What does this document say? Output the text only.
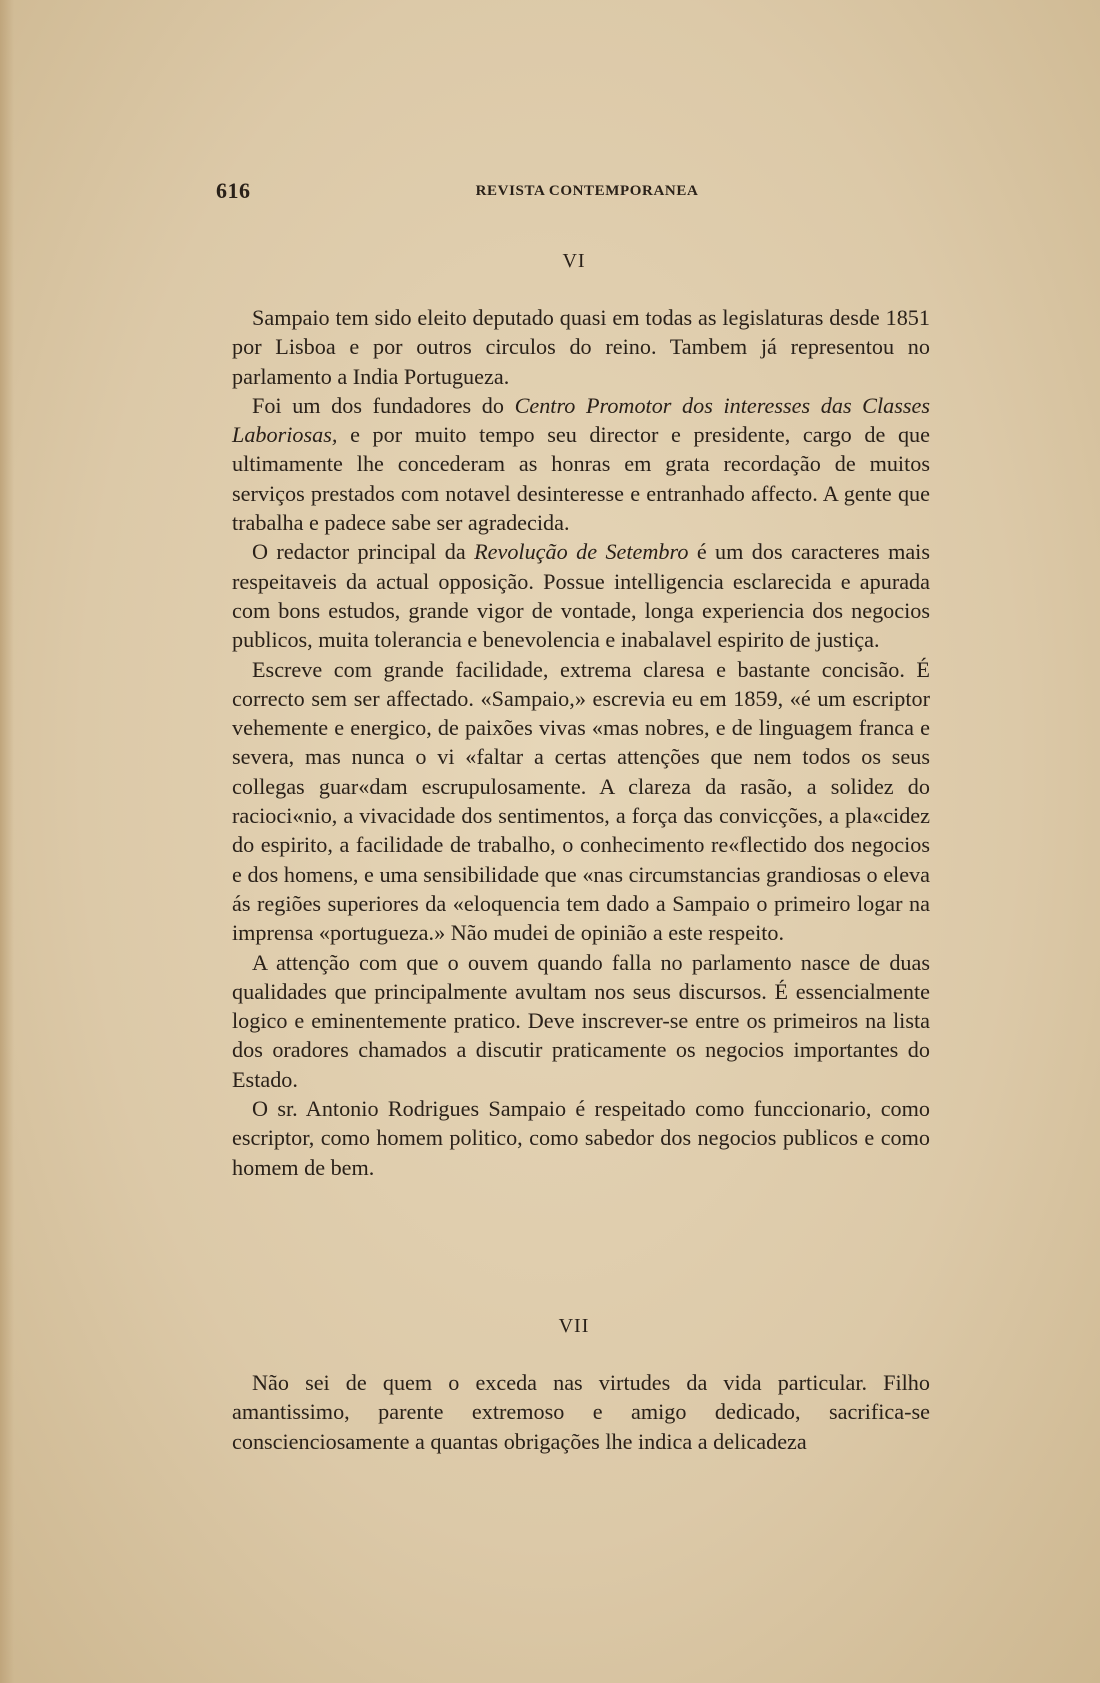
616	REVISTA CONTEMPORANEA
VI

Sampaio tem sido eleito deputado quasi em todas as legislaturas desde 1851 por Lisboa e por outros circulos do reino. Tambem já representou no parlamento a India Portugueza.

Foi um dos fundadores do Centro Promotor dos interesses das Classes Laboriosas, e por muito tempo seu director e presidente, cargo de que ultimamente lhe concederam as honras em grata recordação de muitos serviços prestados com notavel desinteresse e entranhado affecto. A gente que trabalha e padece sabe ser agradecida.

O redactor principal da Revolução de Setembro é um dos caracteres mais respeitaveis da actual opposição. Possue intelligencia esclarecida e apurada com bons estudos, grande vigor de vontade, longa experiencia dos negocios publicos, muita tolerancia e benevolencia e inabalavel espirito de justiça.

Escreve com grande facilidade, extrema claresa e bastante concisão. É correcto sem ser affectado. «Sampaio,» escrevia eu em 1859, «é um escriptor vehemente e energico, de paixões vivas «mas nobres, e de linguagem franca e severa, mas nunca o vi «faltar a certas attenções que nem todos os seus collegas guar«dam escrupulosamente. A clareza da rasão, a solidez do racioci«nio, a vivacidade dos sentimentos, a força das convicções, a pla«cidez do espirito, a facilidade de trabalho, o conhecimento re«flectido dos negocios e dos homens, e uma sensibilidade que «nas circumstancias grandiosas o eleva ás regiões superiores da «eloquencia tem dado a Sampaio o primeiro logar na imprensa «portugueza.» Não mudei de opinião a este respeito.

A attenção com que o ouvem quando falla no parlamento nasce de duas qualidades que principalmente avultam nos seus discursos. É essencialmente logico e eminentemente pratico. Deve inscrever-se entre os primeiros na lista dos oradores chamados a discutir praticamente os negocios importantes do Estado.

O sr. Antonio Rodrigues Sampaio é respeitado como funccionario, como escriptor, como homem politico, como sabedor dos negocios publicos e como homem de bem.

VII

Não sei de quem o exceda nas virtudes da vida particular. Filho amantissimo, parente extremoso e amigo dedicado, sacrifica-se conscienciosamente a quantas obrigações lhe indica a delicadeza
